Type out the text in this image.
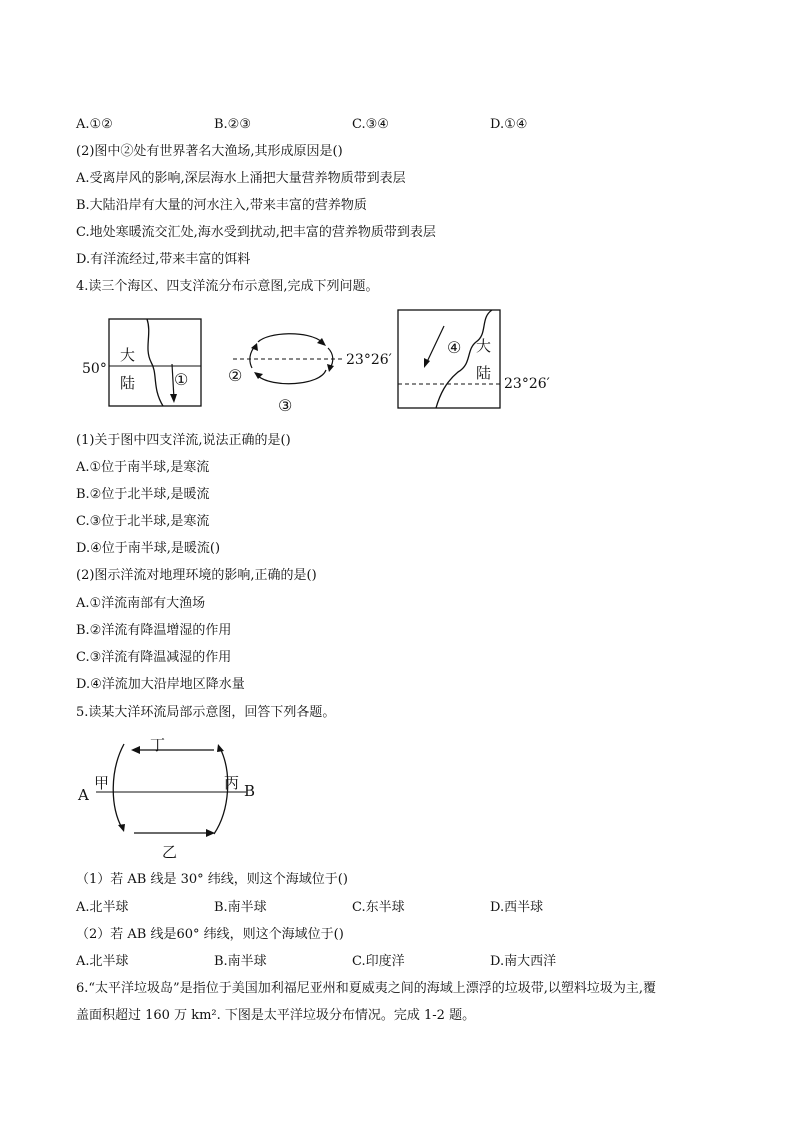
A.①②	B.②③	C.③④	D.①④
(2)图中②处有世界著名大渔场,其形成原因是()
A.受离岸风的影响,深层海水上涌把大量营养物质带到表层
B.大陆沿岸有大量的河水注入,带来丰富的营养物质
C.地处寒暖流交汇处,海水受到扰动,把丰富的营养物质带到表层
D.有洋流经过,带来丰富的饵料
4.读三个海区、四支洋流分布示意图,完成下列问题。
50°
大
陆 ① ②
③
23°26′
④ 大
陆
23°26′
(1)关于图中四支洋流,说法正确的是()
A.①位于南半球,是寒流
B.②位于北半球,是暖流
C.③位于北半球,是寒流
D.④位于南半球,是暖流()
(2)图示洋流对地理环境的影响,正确的是()
A.①洋流南部有大渔场
B.②洋流有降温增湿的作用
C.③洋流有降温减湿的作用
D.④洋流加大沿岸地区降水量
5.读某大洋环流局部示意图，回答下列各题。
丁
甲	丙
乙
A	B
（1）若 AB 线是 30° 纬线，则这个海域位于()
A.北半球	B.南半球	C.东半球	D.西半球
（2）若 AB 线是60° 纬线，则这个海域位于()
A.北半球	B.南半球	C.印度洋	D.南大西洋
6.“太平洋垃圾岛”是指位于美国加利福尼亚州和夏威夷之间的海域上漂浮的垃圾带,以塑料垃圾为主,覆
盖面积超过 160 万 km². 下图是太平洋垃圾分布情况。完成 1-2 题。
